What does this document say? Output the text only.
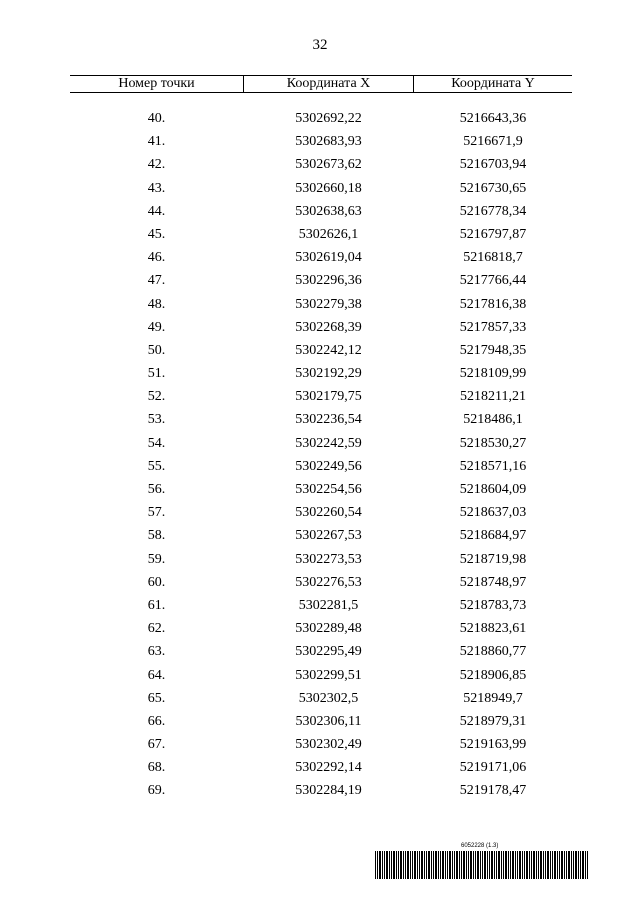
32
Номер точки	Координата X	Координата Y
40.	5302692,22	5216643,36
41.	5302683,93	5216671,9
42.	5302673,62	5216703,94
43.	5302660,18	5216730,65
44.	5302638,63	5216778,34
45.	5302626,1	5216797,87
46.	5302619,04	5216818,7
47.	5302296,36	5217766,44
48.	5302279,38	5217816,38
49.	5302268,39	5217857,33
50.	5302242,12	5217948,35
51.	5302192,29	5218109,99
52.	5302179,75	5218211,21
53.	5302236,54	5218486,1
54.	5302242,59	5218530,27
55.	5302249,56	5218571,16
56.	5302254,56	5218604,09
57.	5302260,54	5218637,03
58.	5302267,53	5218684,97
59.	5302273,53	5218719,98
60.	5302276,53	5218748,97
61.	5302281,5	5218783,73
62.	5302289,48	5218823,61
63.	5302295,49	5218860,77
64.	5302299,51	5218906,85
65.	5302302,5	5218949,7
66.	5302306,11	5218979,31
67.	5302302,49	5219163,99
68.	5302292,14	5219171,06
69.	5302284,19	5219178,47
6052228 (1.3)
